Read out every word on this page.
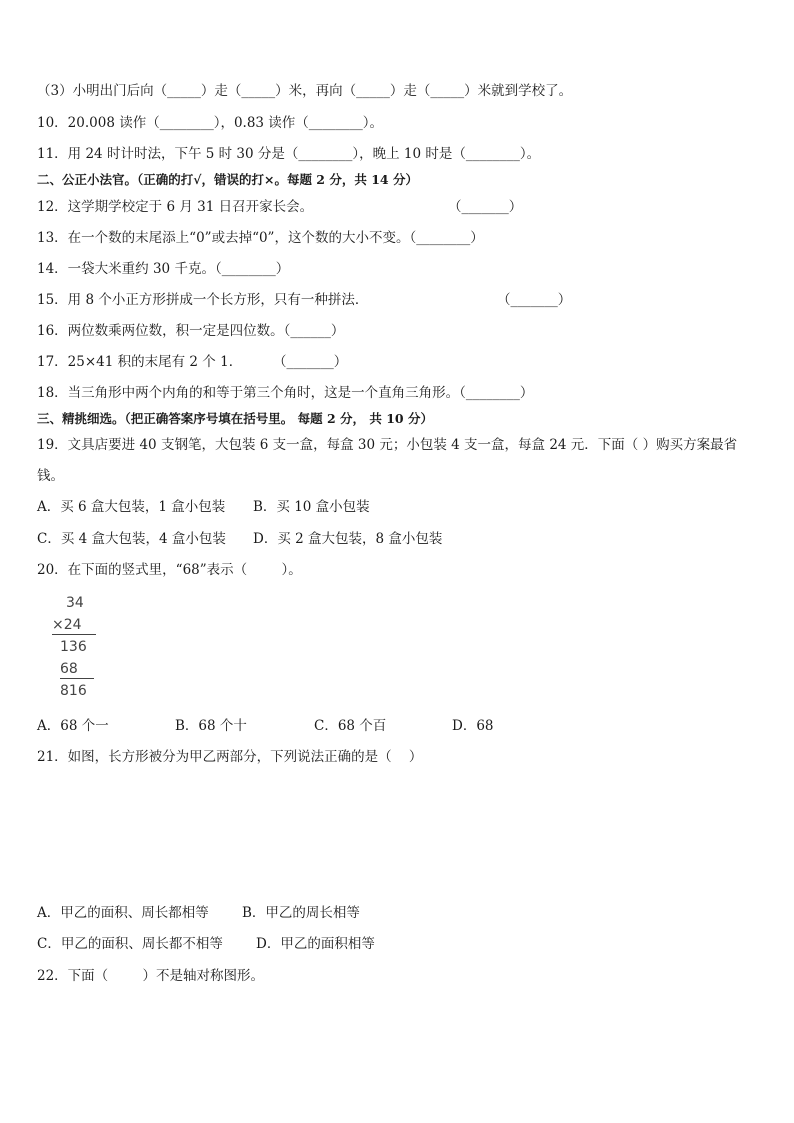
（3）小明出门后向（_____）走（_____）米，再向（_____）走（_____）米就到学校了。
10．20.008 读作（________），0.83 读作（________）。
11．用 24 时计时法，下午 5 时 30 分是（________），晚上 10 时是（________）。
二、公正小法官。（正确的打√，错误的打×。每题 2 分，共 14 分）
12．这学期学校定于 6 月 31 日召开家长会。	（_______）
13．在一个数的末尾添上“0”或去掉“0”，这个数的大小不变。（________）
14．一袋大米重约 30 千克。（________）
15．用 8 个小正方形拼成一个长方形，只有一种拼法．	（_______）
16．两位数乘两位数，积一定是四位数。（______）
17．25×41 积的末尾有 2 个 1． （_______）
18．当三角形中两个内角的和等于第三个角时，这是一个直角三角形。（________）
三、精挑细选。（把正确答案序号填在括号里。 每题 2 分， 共 10 分）
19．文具店要进 40 支钢笔，大包装 6 支一盒，每盒 30 元；小包装 4 支一盒，每盒 24 元．下面（ ）购买方案最省钱。
A．买 6 盒大包装，1 盒小包装 B．买 10 盒小包装
C．买 4 盒大包装，4 盒小包装 D．买 2 盒大包装，8 盒小包装
20．在下面的竖式里，“68”表示（        ）。
34
×24
136
68
816
A．68 个一	B．68 个十	C．68 个百	D．68
21．如图，长方形被分为甲乙两部分，下列说法正确的是（    ）
A．甲乙的面积、周长都相等 B．甲乙的周长相等
C．甲乙的面积、周长都不相等 D．甲乙的面积相等
22．下面（        ）不是轴对称图形。
